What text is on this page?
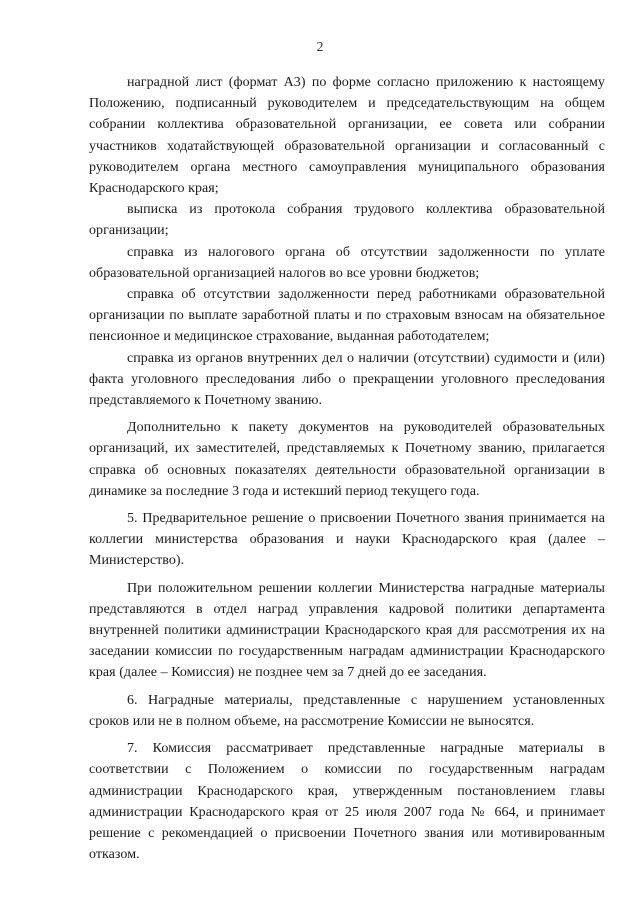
2

наградной лист (формат А3) по форме согласно приложению к настоящему Положению, подписанный руководителем и председательствующим на общем собрании коллектива образовательной организации, ее совета или собрании участников ходатайствующей образовательной организации и согласованный с руководителем органа местного самоуправления муниципального образования Краснодарского края;

выписка из протокола собрания трудового коллектива образовательной организации;

справка из налогового органа об отсутствии задолженности по уплате образовательной организацией налогов во все уровни бюджетов;

справка об отсутствии задолженности перед работниками образовательной организации по выплате заработной платы и по страховым взносам на обязательное пенсионное и медицинское страхование, выданная работодателем;

справка из органов внутренних дел о наличии (отсутствии) судимости и (или) факта уголовного преследования либо о прекращении уголовного преследования представляемого к Почетному званию.

Дополнительно к пакету документов на руководителей образовательных организаций, их заместителей, представляемых к Почетному званию, прилагается справка об основных показателях деятельности образовательной организации в динамике за последние 3 года и истекший период текущего года.

5. Предварительное решение о присвоении Почетного звания принимается на коллегии министерства образования и науки Краснодарского края (далее – Министерство).

При положительном решении коллегии Министерства наградные материалы представляются в отдел наград управления кадровой политики департамента внутренней политики администрации Краснодарского края для рассмотрения их на заседании комиссии по государственным наградам администрации Краснодарского края (далее – Комиссия) не позднее чем за 7 дней до ее заседания.

6. Наградные материалы, представленные с нарушением установленных сроков или не в полном объеме, на рассмотрение Комиссии не выносятся.

7. Комиссия рассматривает представленные наградные материалы в соответствии с Положением о комиссии по государственным наградам администрации Краснодарского края, утвержденным постановлением главы администрации Краснодарского края от 25 июля 2007 года № 664, и принимает решение с рекомендацией о присвоении Почетного звания или мотивированным отказом.
